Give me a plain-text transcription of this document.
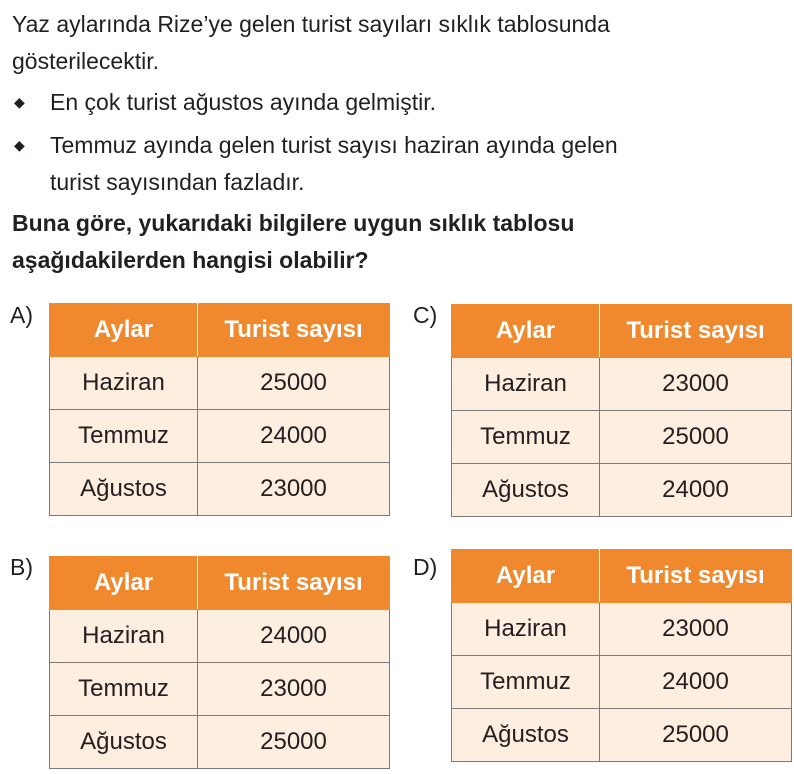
Yaz aylarında Rize’ye gelen turist sayıları sıklık tablosunda gösterilecektir.
◆	En çok turist ağustos ayında gelmiştir.
◆	Temmuz ayında gelen turist sayısı haziran ayında gelen turist sayısından fazladır.
Buna göre, yukarıdaki bilgilere uygun sıklık tablosu aşağıdakilerden hangisi olabilir?
A)
Aylar	Turist sayısı
Haziran	25000
Temmuz	24000
Ağustos	23000
C)
Aylar	Turist sayısı
Haziran	23000
Temmuz	25000
Ağustos	24000
B)
Aylar	Turist sayısı
Haziran	24000
Temmuz	23000
Ağustos	25000
D) Aylar	Turist sayısı
Haziran	23000
Temmuz	24000
Ağustos	25000
